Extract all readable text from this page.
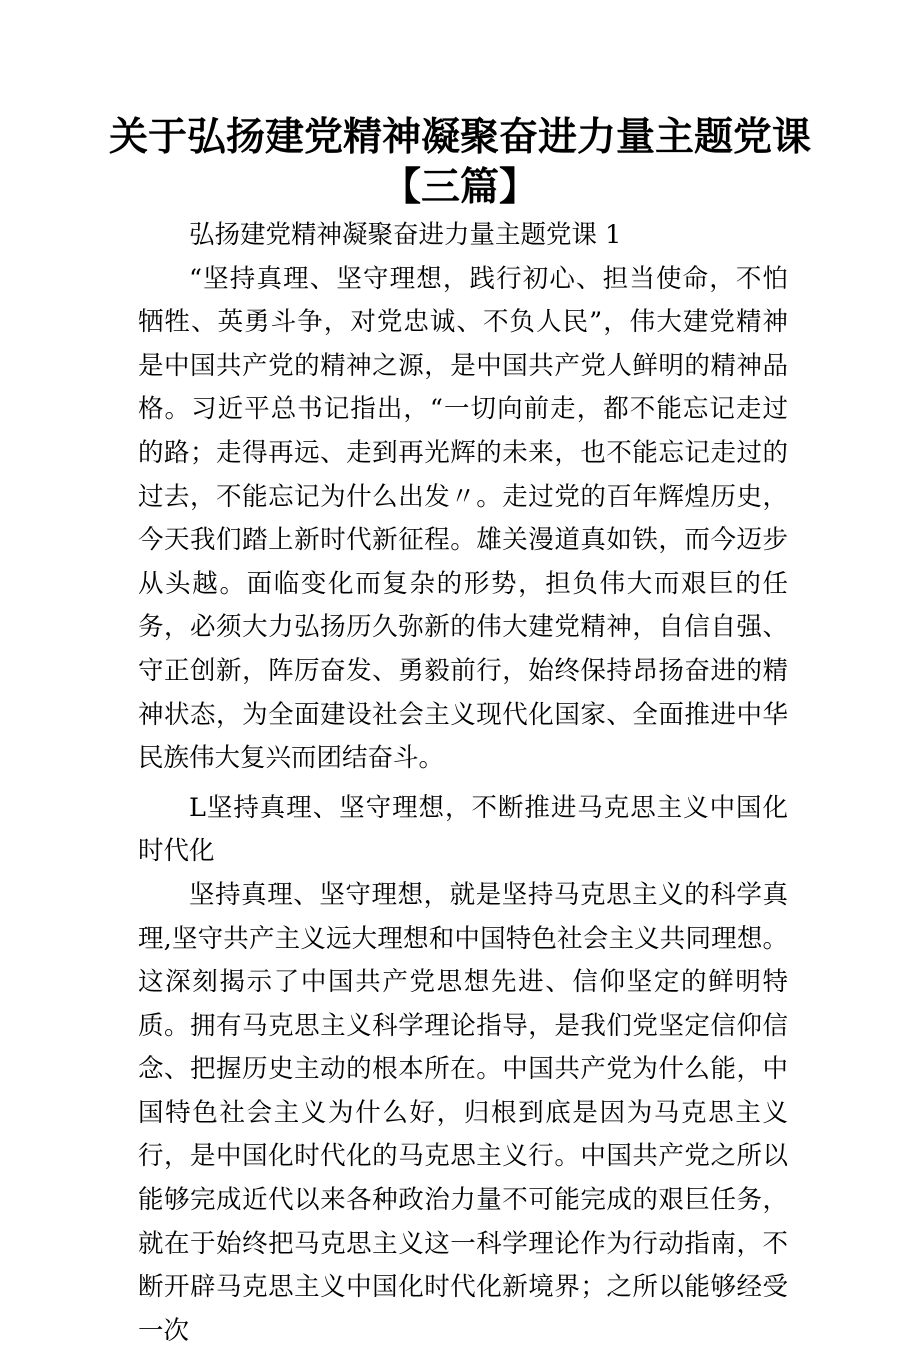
关于弘扬建党精神凝聚奋进力量主题党课
【三篇】

弘扬建党精神凝聚奋进力量主题党课 1

“坚持真理、坚守理想，践行初心、担当使命，不怕牺牲、英勇斗争，对党忠诚、不负人民”，伟大建党精神是中国共产党的精神之源，是中国共产党人鲜明的精神品格。习近平总书记指出，“一切向前走，都不能忘记走过的路；走得再远、走到再光辉的未来，也不能忘记走过的过去，不能忘记为什么出发〃。走过党的百年辉煌历史，今天我们踏上新时代新征程。雄关漫道真如铁，而今迈步从头越。面临变化而复杂的形势，担负伟大而艰巨的任务，必须大力弘扬历久弥新的伟大建党精神，自信自强、守正创新，阵厉奋发、勇毅前行，始终保持昂扬奋进的精神状态，为全面建设社会主义现代化国家、全面推进中华民族伟大复兴而团结奋斗。

L坚持真理、坚守理想，不断推进马克思主义中国化时代化

坚持真理、坚守理想，就是坚持马克思主义的科学真理,坚守共产主义远大理想和中国特色社会主义共同理想。这深刻揭示了中国共产党思想先进、信仰坚定的鲜明特质。拥有马克思主义科学理论指导，是我们党坚定信仰信念、把握历史主动的根本所在。中国共产党为什么能，中国特色社会主义为什么好，归根到底是因为马克思主义行，是中国化时代化的马克思主义行。中国共产党之所以能够完成近代以来各种政治力量不可能完成的艰巨任务，就在于始终把马克思主义这一科学理论作为行动指南，不断开辟马克思主义中国化时代化新境界；之所以能够经受一次
